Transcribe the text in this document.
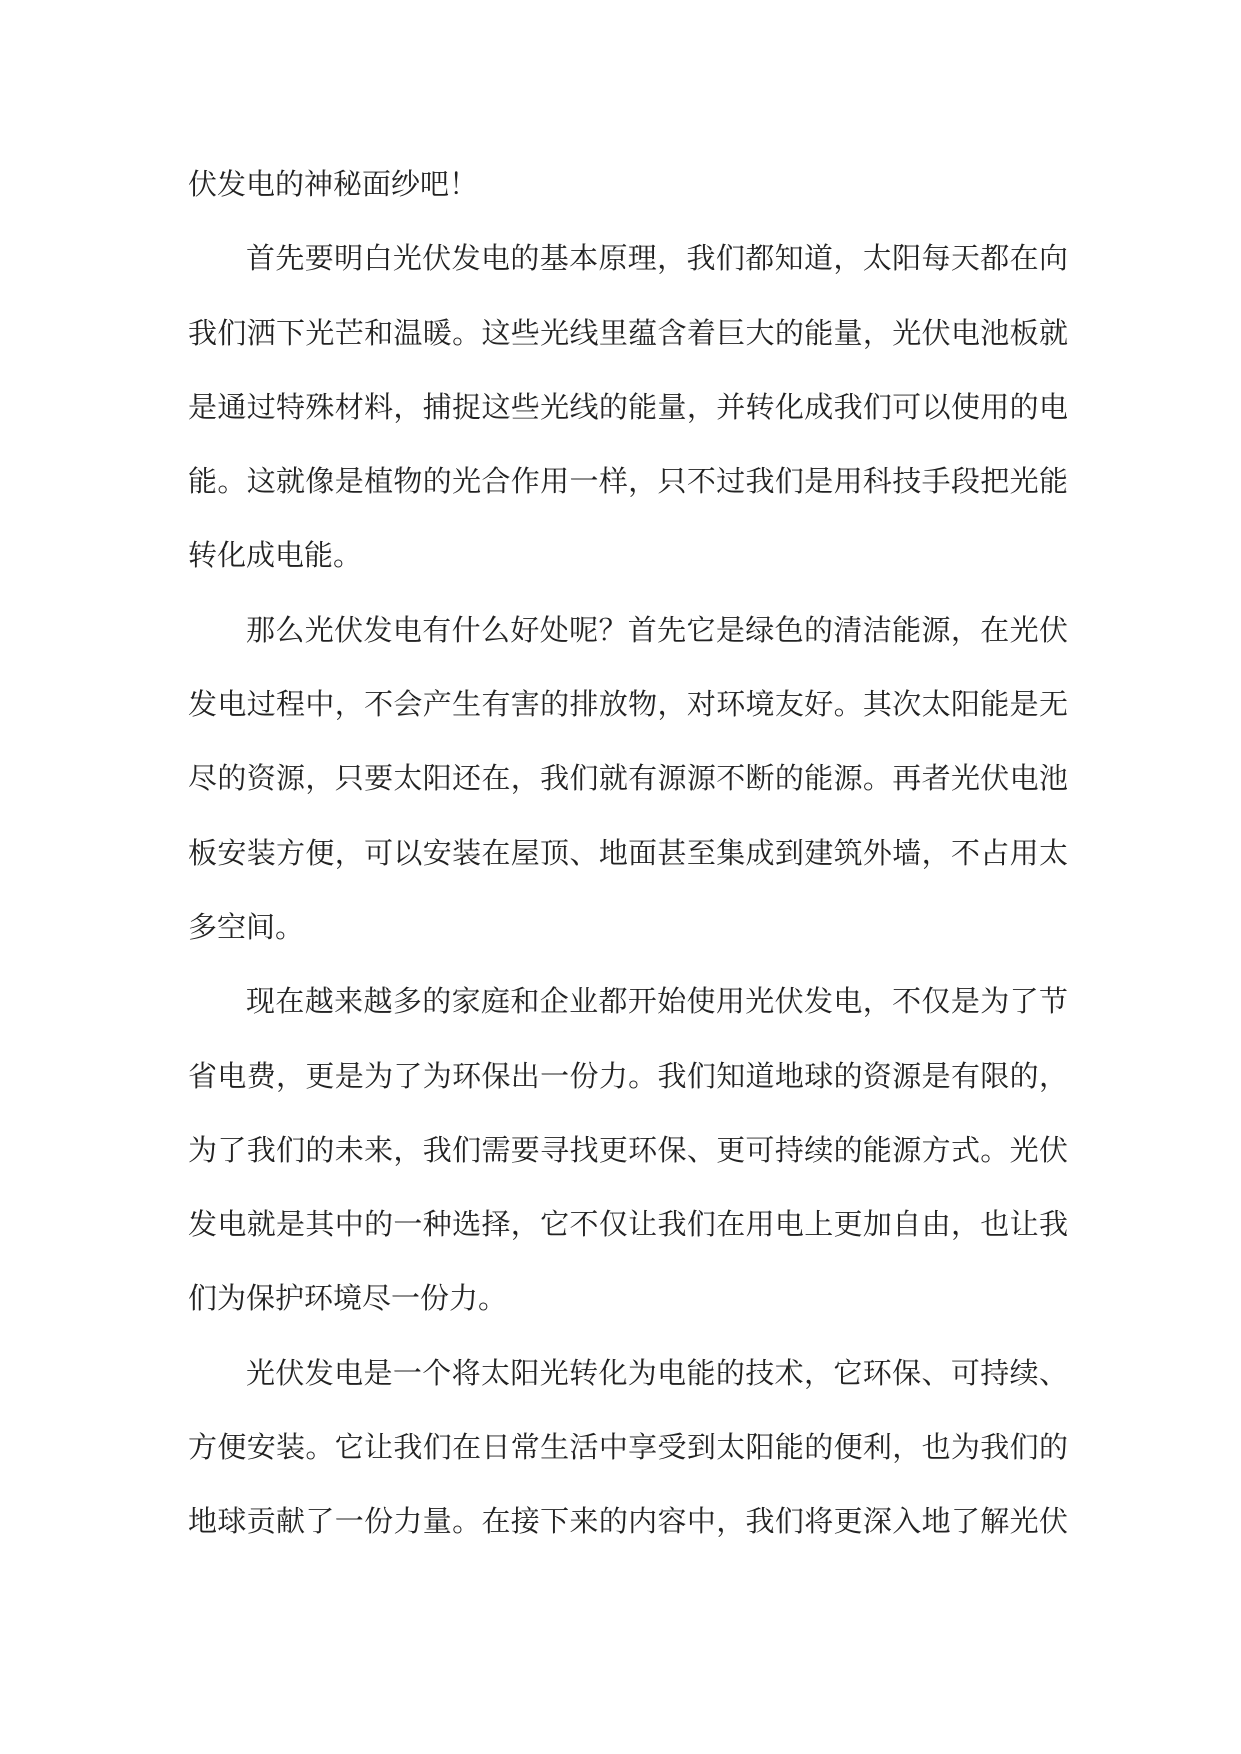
伏发电的神秘面纱吧！
首先要明白光伏发电的基本原理，我们都知道，太阳每天都在向
我们洒下光芒和温暖。这些光线里蕴含着巨大的能量，光伏电池板就
是通过特殊材料，捕捉这些光线的能量，并转化成我们可以使用的电
能。这就像是植物的光合作用一样，只不过我们是用科技手段把光能
转化成电能。
那么光伏发电有什么好处呢？首先它是绿色的清洁能源，在光伏
发电过程中，不会产生有害的排放物，对环境友好。其次太阳能是无
尽的资源，只要太阳还在，我们就有源源不断的能源。再者光伏电池
板安装方便，可以安装在屋顶、地面甚至集成到建筑外墙，不占用太
多空间。
现在越来越多的家庭和企业都开始使用光伏发电，不仅是为了节
省电费，更是为了为环保出一份力。我们知道地球的资源是有限的，
为了我们的未来，我们需要寻找更环保、更可持续的能源方式。光伏
发电就是其中的一种选择，它不仅让我们在用电上更加自由，也让我
们为保护环境尽一份力。
光伏发电是一个将太阳光转化为电能的技术，它环保、可持续、
方便安装。它让我们在日常生活中享受到太阳能的便利，也为我们的
地球贡献了一份力量。在接下来的内容中，我们将更深入地了解光伏
